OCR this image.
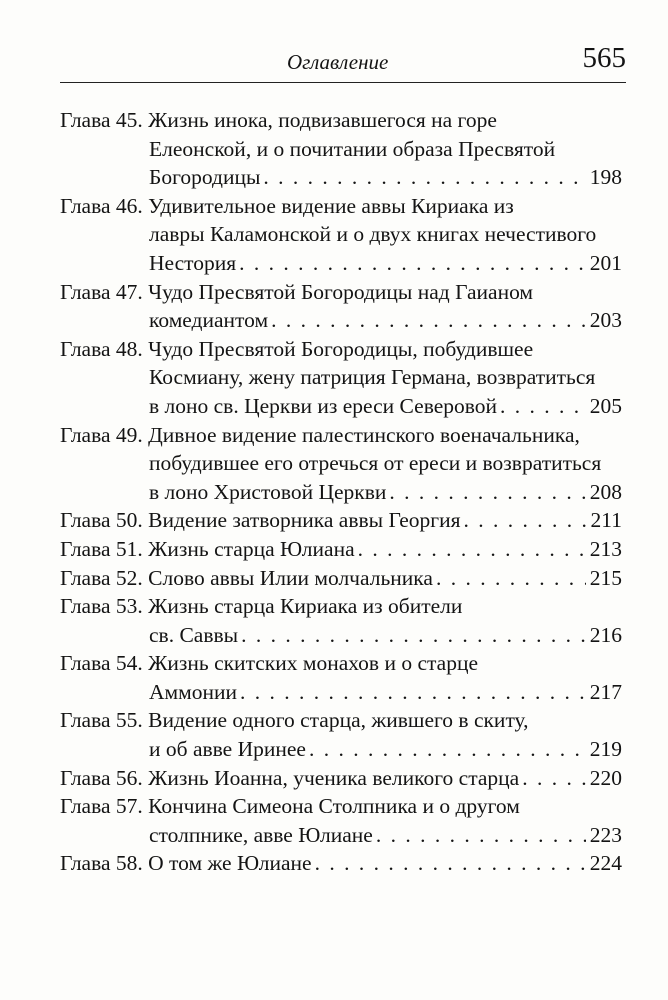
Оглавление	565
Глава 45. Жизнь инока, подвизавшегося на горе
Елеонской, и о почитании образа Пресвятой
Богородицы . . .	198
Глава 46. Удивительное видение аввы Кириака из
лавры Каламонской и о двух книгах нечестивого
Нестория . . .	201
Глава 47. Чудо Пресвятой Богородицы над Гаианом
комедиантом . . .	203
Глава 48. Чудо Пресвятой Богородицы, побудившее
Космиану, жену патриция Германа, возвратиться
в лоно св. Церкви из ереси Северовой . . .	205
Глава 49. Дивное видение палестинского военачальника,
побудившее его отречься от ереси и возвратиться
в лоно Христовой Церкви . . .	208
Глава 50. Видение затворника аввы Георгия . . .	211
Глава 51. Жизнь старца Юлиана . . .	213
Глава 52. Слово аввы Илии молчальника . . .	215
Глава 53. Жизнь старца Кириака из обители
св. Саввы . . .	216
Глава 54. Жизнь скитских монахов и о старце
Аммонии . . .	217
Глава 55. Видение одного старца, жившего в скиту,
и об авве Иринее . . .	219
Глава 56. Жизнь Иоанна, ученика великого старца . . .	220
Глава 57. Кончина Симеона Столпника и о другом
столпнике, авве Юлиане . . .	223
Глава 58. О том же Юлиане . . .	224
